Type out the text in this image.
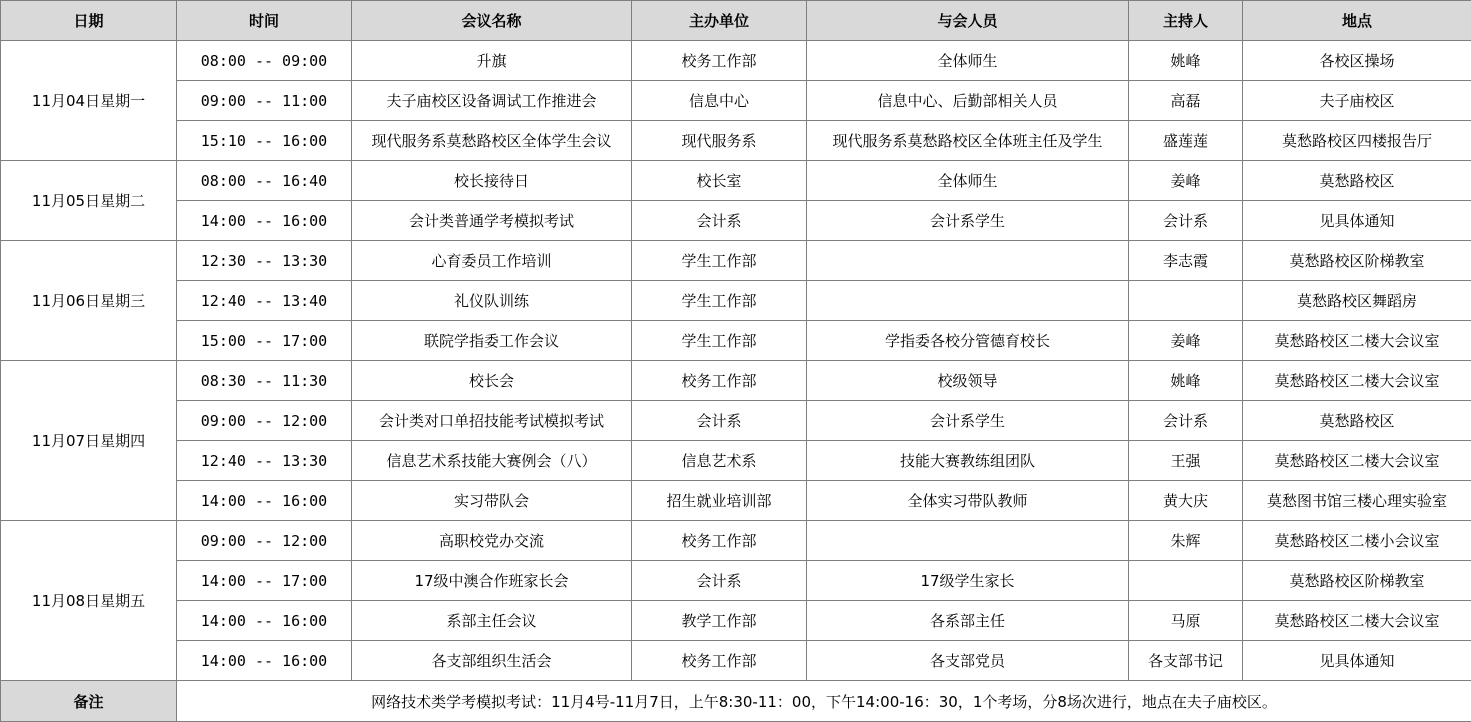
日期	时间	会议名称	主办单位	与会人员	主持人	地点
11月04日星期一	08:00 -- 09:00	升旗	校务工作部	全体师生	姚峰	各校区操场
	09:00 -- 11:00	夫子庙校区设备调试工作推进会	信息中心	信息中心、后勤部相关人员	高磊	夫子庙校区
	15:10 -- 16:00	现代服务系莫愁路校区全体学生会议	现代服务系	现代服务系莫愁路校区全体班主任及学生	盛莲莲	莫愁路校区四楼报告厅
11月05日星期二	08:00 -- 16:40	校长接待日	校长室	全体师生	姜峰	莫愁路校区
	14:00 -- 16:00	会计类普通学考模拟考试	会计系	会计系学生	会计系	见具体通知
11月06日星期三	12:30 -- 13:30	心育委员工作培训	学生工作部		李志霞	莫愁路校区阶梯教室
	12:40 -- 13:40	礼仪队训练	学生工作部			莫愁路校区舞蹈房
	15:00 -- 17:00	联院学指委工作会议	学生工作部	学指委各校分管德育校长	姜峰	莫愁路校区二楼大会议室
11月07日星期四	08:30 -- 11:30	校长会	校务工作部	校级领导	姚峰	莫愁路校区二楼大会议室
	09:00 -- 12:00	会计类对口单招技能考试模拟考试	会计系	会计系学生	会计系	莫愁路校区
	12:40 -- 13:30	信息艺术系技能大赛例会（八）	信息艺术系	技能大赛教练组团队	王强	莫愁路校区二楼大会议室
	14:00 -- 16:00	实习带队会	招生就业培训部	全体实习带队教师	黄大庆	莫愁图书馆三楼心理实验室
11月08日星期五	09:00 -- 12:00	高职校党办交流	校务工作部		朱辉	莫愁路校区二楼小会议室
	14:00 -- 17:00	17级中澳合作班家长会	会计系	17级学生家长		莫愁路校区阶梯教室
	14:00 -- 16:00	系部主任会议	教学工作部	各系部主任	马原	莫愁路校区二楼大会议室
	14:00 -- 16:00	各支部组织生活会	校务工作部	各支部党员	各支部书记	见具体通知
备注	网络技术类学考模拟考试：11月4号-11月7日，上午8:30-11：00，下午14:00-16：30，1个考场，分8场次进行，地点在夫子庙校区。					
